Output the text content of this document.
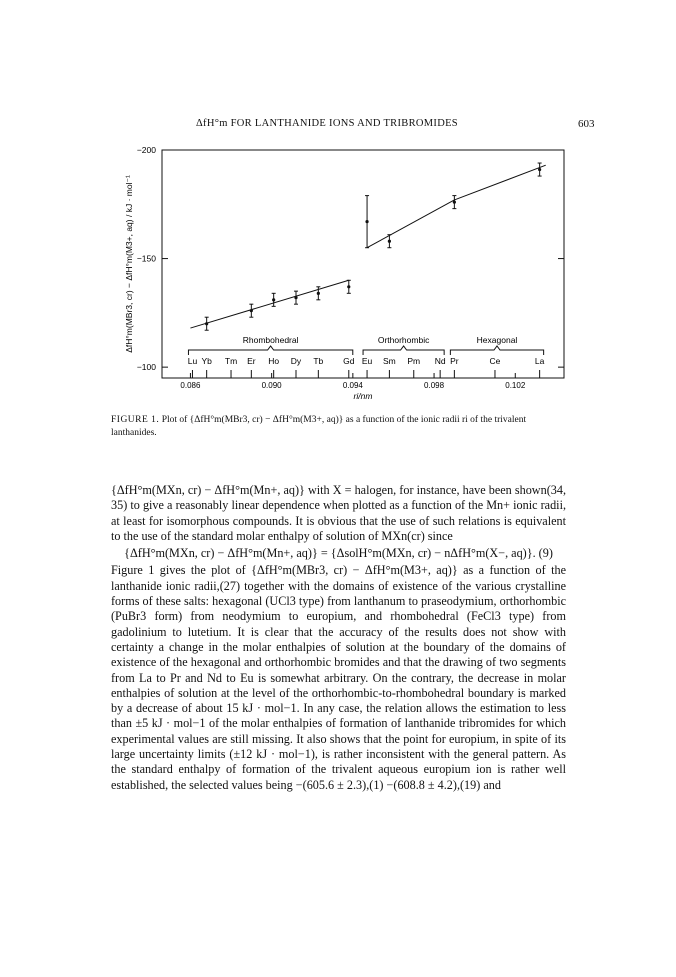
ΔfH°m FOR LANTHANIDE IONS AND TRIBROMIDES	603
−200
−150
−100
0.086	0.090	0.094	0.098	0.102
ri/nm
ΔfH°m(MBr3, cr) − ΔfH°m(M3+, aq) / kJ · mol⁻¹
Lu Yb Tm Er Ho Dy Tb Gd Eu Sm Pm Nd Pr	Ce	La
Rhombohedral	Orthorhombic	Hexagonal
FIGURE 1. Plot of {ΔfH°m(MBr3, cr) − ΔfH°m(M3+, aq)} as a function of the ionic radii ri of the trivalent lanthanides.

{ΔfH°m(MXn, cr) − ΔfH°m(Mn+, aq)} with X = halogen, for instance, have been shown(34, 35) to give a reasonably linear dependence when plotted as a function of the Mn+ ionic radii, at least for isomorphous compounds. It is obvious that the use of such relations is equivalent to the use of the standard molar enthalpy of solution of MXn(cr) since

{ΔfH°m(MXn, cr) − ΔfH°m(Mn+, aq)} = {ΔsolH°m(MXn, cr) − nΔfH°m(X−, aq)}. (9)

Figure 1 gives the plot of {ΔfH°m(MBr3, cr) − ΔfH°m(M3+, aq)} as a function of the lanthanide ionic radii,(27) together with the domains of existence of the various crystalline forms of these salts: hexagonal (UCl3 type) from lanthanum to praseodymium, orthorhombic (PuBr3 form) from neodymium to europium, and rhombohedral (FeCl3 type) from gadolinium to lutetium. It is clear that the accuracy of the results does not show with certainty a change in the molar enthalpies of solution at the boundary of the domains of existence of the hexagonal and orthorhombic bromides and that the drawing of two segments from La to Pr and Nd to Eu is somewhat arbitrary. On the contrary, the decrease in molar enthalpies of solution at the level of the orthorhombic-to-rhombohedral boundary is marked by a decrease of about 15 kJ · mol−1. In any case, the relation allows the estimation to less than ±5 kJ · mol−1 of the molar enthalpies of formation of lanthanide tribromides for which experimental values are still missing. It also shows that the point for europium, in spite of its large uncertainty limits (±12 kJ · mol−1), is rather inconsistent with the general pattern. As the standard enthalpy of formation of the trivalent aqueous europium ion is rather well established, the selected values being −(605.6 ± 2.3),(1) −(608.8 ± 4.2),(19) and
